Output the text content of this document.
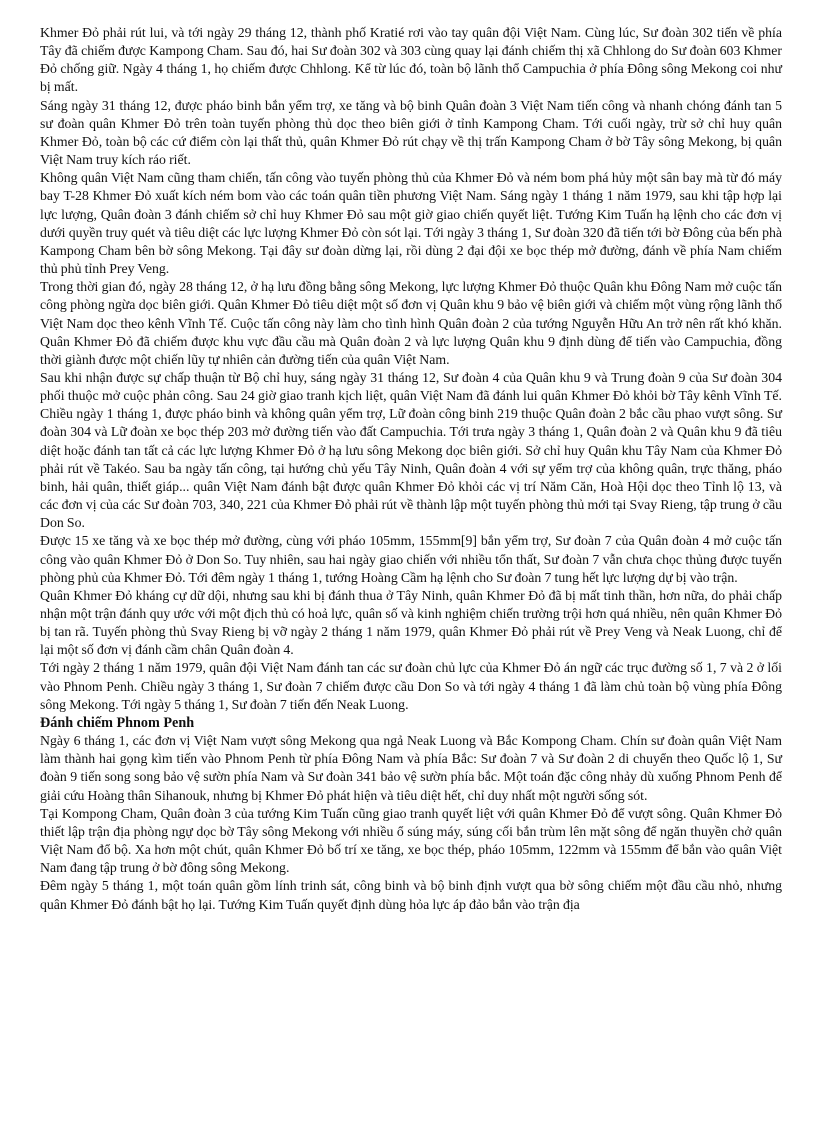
Khmer Đỏ phải rút lui, và tới ngày 29 tháng 12, thành phố Kratié rơi vào tay quân đội Việt Nam. Cùng lúc, Sư đoàn 302 tiến về phía Tây đã chiếm được Kampong Cham. Sau đó, hai Sư đoàn 302 và 303 cùng quay lại đánh chiếm thị xã Chhlong do Sư đoàn 603 Khmer Đỏ chống giữ. Ngày 4 tháng 1, họ chiếm được Chhlong. Kể từ lúc đó, toàn bộ lãnh thổ Campuchia ở phía Đông sông Mekong coi như bị mất.

Sáng ngày 31 tháng 12, được pháo binh bắn yểm trợ, xe tăng và bộ binh Quân đoàn 3 Việt Nam tiến công và nhanh chóng đánh tan 5 sư đoàn quân Khmer Đỏ trên toàn tuyến phòng thủ dọc theo biên giới ở tỉnh Kampong Cham. Tới cuối ngày, trừ sở chỉ huy quân Khmer Đỏ, toàn bộ các cứ điểm còn lại thất thủ, quân Khmer Đỏ rút chạy về thị trấn Kampong Cham ở bờ Tây sông Mekong, bị quân Việt Nam truy kích ráo riết.

Không quân Việt Nam cũng tham chiến, tấn công vào tuyến phòng thủ của Khmer Đỏ và ném bom phá hủy một sân bay mà từ đó máy bay T-28 Khmer Đỏ xuất kích ném bom vào các toán quân tiền phương Việt Nam. Sáng ngày 1 tháng 1 năm 1979, sau khi tập hợp lại lực lượng, Quân đoàn 3 đánh chiếm sở chỉ huy Khmer Đỏ sau một giờ giao chiến quyết liệt. Tướng Kim Tuấn hạ lệnh cho các đơn vị dưới quyền truy quét và tiêu diệt các lực lượng Khmer Đỏ còn sót lại. Tới ngày 3 tháng 1, Sư đoàn 320 đã tiến tới bờ Đông của bến phà Kampong Cham bên bờ sông Mekong. Tại đây sư đoàn dừng lại, rồi dùng 2 đại đội xe bọc thép mở đường, đánh về phía Nam chiếm thủ phủ tỉnh Prey Veng.

Trong thời gian đó, ngày 28 tháng 12, ở hạ lưu đồng bằng sông Mekong, lực lượng Khmer Đỏ thuộc Quân khu Đông Nam mở cuộc tấn công phòng ngừa dọc biên giới. Quân Khmer Đỏ tiêu diệt một số đơn vị Quân khu 9 bảo vệ biên giới và chiếm một vùng rộng lãnh thổ Việt Nam dọc theo kênh Vĩnh Tế. Cuộc tấn công này làm cho tình hình Quân đoàn 2 của tướng Nguyễn Hữu An trở nên rất khó khăn. Quân Khmer Đỏ đã chiếm được khu vực đầu cầu mà Quân đoàn 2 và lực lượng Quân khu 9 định dùng để tiến vào Campuchia, đồng thời giành được một chiến lũy tự nhiên cản đường tiến của quân Việt Nam.

Sau khi nhận được sự chấp thuận từ Bộ chỉ huy, sáng ngày 31 tháng 12, Sư đoàn 4 của Quân khu 9 và Trung đoàn 9 của Sư đoàn 304 phối thuộc mở cuộc phản công. Sau 24 giờ giao tranh kịch liệt, quân Việt Nam đã đánh lui quân Khmer Đỏ khỏi bờ Tây kênh Vĩnh Tế. Chiều ngày 1 tháng 1, được pháo binh và không quân yểm trợ, Lữ đoàn công binh 219 thuộc Quân đoàn 2 bắc cầu phao vượt sông. Sư đoàn 304 và Lữ đoàn xe bọc thép 203 mở đường tiến vào đất Campuchia. Tới trưa ngày 3 tháng 1, Quân đoàn 2 và Quân khu 9 đã tiêu diệt hoặc đánh tan tất cả các lực lượng Khmer Đỏ ở hạ lưu sông Mekong dọc biên giới. Sở chỉ huy Quân khu Tây Nam của Khmer Đỏ phải rút về Takéo. Sau ba ngày tấn công, tại hướng chủ yếu Tây Ninh, Quân đoàn 4 với sự yểm trợ của không quân, trực thăng, pháo binh, hải quân, thiết giáp... quân Việt Nam đánh bật được quân Khmer Đỏ khỏi các vị trí Năm Căn, Hoà Hội dọc theo Tỉnh lộ 13, và các đơn vị của các Sư đoàn 703, 340, 221 của Khmer Đỏ phải rút về thành lập một tuyến phòng thủ mới tại Svay Rieng, tập trung ở cầu Don So.

Được 15 xe tăng và xe bọc thép mở đường, cùng với pháo 105mm, 155mm[9] bắn yểm trợ, Sư đoàn 7 của Quân đoàn 4 mở cuộc tấn công vào quân Khmer Đỏ ở Don So. Tuy nhiên, sau hai ngày giao chiến với nhiều tổn thất, Sư đoàn 7 vẫn chưa chọc thủng được tuyến phòng phủ của Khmer Đỏ. Tới đêm ngày 1 tháng 1, tướng Hoàng Cầm hạ lệnh cho Sư đoàn 7 tung hết lực lượng dự bị vào trận.

Quân Khmer Đỏ kháng cự dữ dội, nhưng sau khi bị đánh thua ở Tây Ninh, quân Khmer Đỏ đã bị mất tinh thần, hơn nữa, do phải chấp nhận một trận đánh quy ước với một địch thủ có hoả lực, quân số và kinh nghiệm chiến trường trội hơn quá nhiều, nên quân Khmer Đỏ bị tan rã. Tuyến phòng thủ Svay Rieng bị vỡ ngày 2 tháng 1 năm 1979, quân Khmer Đỏ phải rút về Prey Veng và Neak Luong, chỉ để lại một số đơn vị đánh cầm chân Quân đoàn 4.

Tới ngày 2 tháng 1 năm 1979, quân đội Việt Nam đánh tan các sư đoàn chủ lực của Khmer Đỏ án ngữ các trục đường số 1, 7 và 2 ở lối vào Phnom Penh. Chiều ngày 3 tháng 1, Sư đoàn 7 chiếm được cầu Don So và tới ngày 4 tháng 1 đã làm chủ toàn bộ vùng phía Đông sông Mekong. Tới ngày 5 tháng 1, Sư đoàn 7 tiến đến Neak Luong.

Đánh chiếm Phnom Penh

Ngày 6 tháng 1, các đơn vị Việt Nam vượt sông Mekong qua ngả Neak Luong và Bắc Kompong Cham. Chín sư đoàn quân Việt Nam làm thành hai gọng kìm tiến vào Phnom Penh từ phía Đông Nam và phía Bắc: Sư đoàn 7 và Sư đoàn 2 di chuyển theo Quốc lộ 1, Sư đoàn 9 tiến song song bảo vệ sườn phía Nam và Sư đoàn 341 bảo vệ sườn phía bắc. Một toán đặc công nhảy dù xuống Phnom Penh để giải cứu Hoàng thân Sihanouk, nhưng bị Khmer Đỏ phát hiện và tiêu diệt hết, chỉ duy nhất một người sống sót.

Tại Kompong Cham, Quân đoàn 3 của tướng Kim Tuấn cũng giao tranh quyết liệt với quân Khmer Đỏ để vượt sông. Quân Khmer Đỏ thiết lập trận địa phòng ngự dọc bờ Tây sông Mekong với nhiều ổ súng máy, súng cối bắn trùm lên mặt sông để ngăn thuyền chở quân Việt Nam đổ bộ. Xa hơn một chút, quân Khmer Đỏ bố trí xe tăng, xe bọc thép, pháo 105mm, 122mm và 155mm để bắn vào quân Việt Nam đang tập trung ở bờ đông sông Mekong.

Đêm ngày 5 tháng 1, một toán quân gồm lính trinh sát, công binh và bộ binh định vượt qua bờ sông chiếm một đầu cầu nhỏ, nhưng quân Khmer Đỏ đánh bật họ lại. Tướng Kim Tuấn quyết định dùng hỏa lực áp đảo bắn vào trận địa
